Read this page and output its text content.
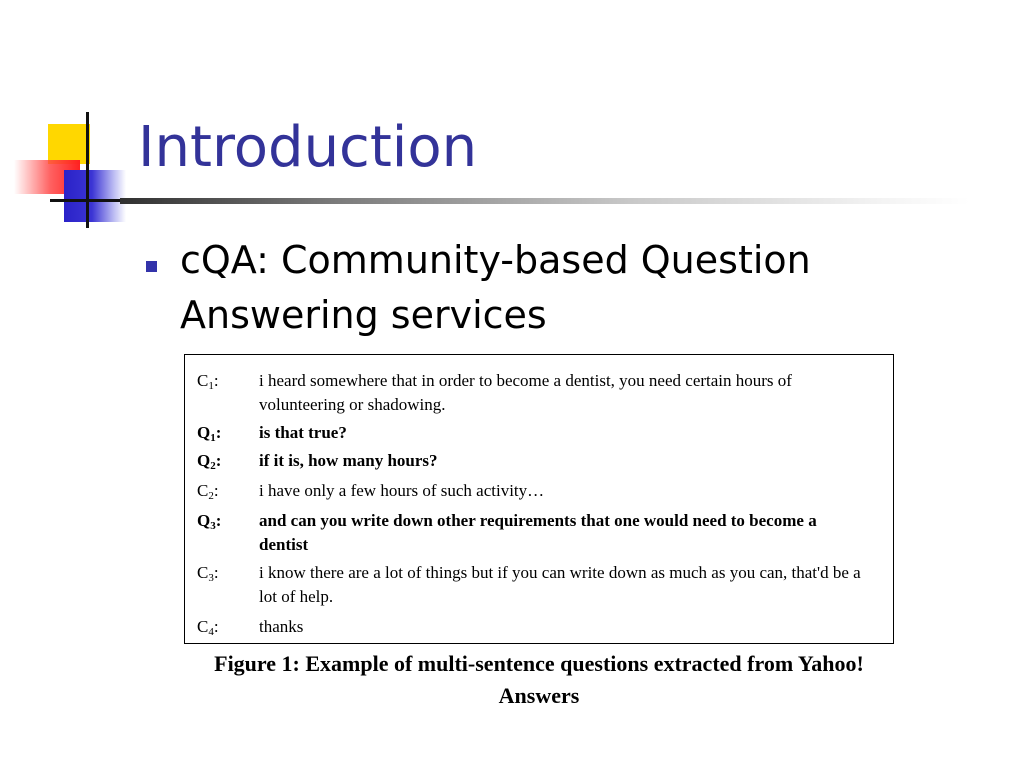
Introduction
cQA: Community-based Question Answering services
$C_1$:	i heard somewhere that in order to become a dentist, you need certain hours of volunteering or shadowing.
$Q_1$:	is that true?
$Q_2$:	if it is, how many hours?
$C_2$:	i have only a few hours of such activity…
$Q_3$:	and can you write down other requirements that one would need to become a dentist
$C_3$:	i know there are a lot of things but if you can write down as much as you can, that'd be a lot of help.
$C_4$:	thanks
Figure 1: Example of multi-sentence questions extracted from Yahoo! Answers
